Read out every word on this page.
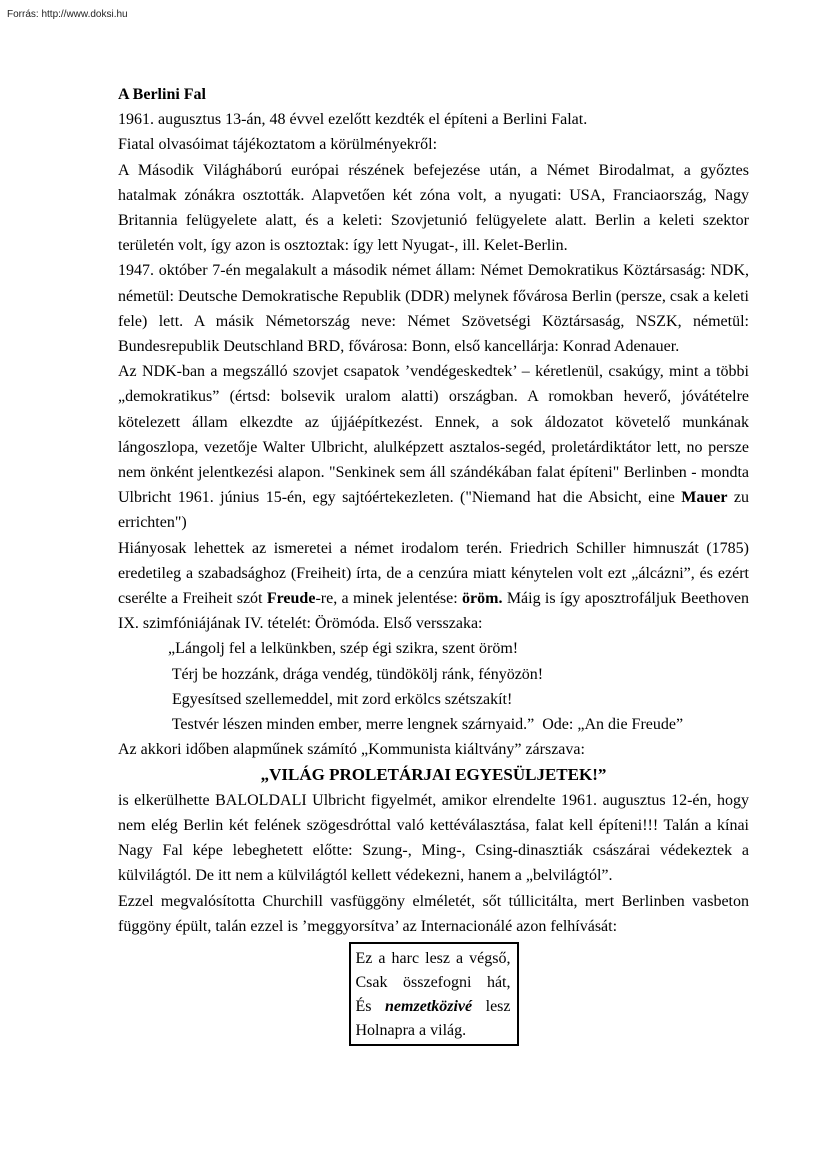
Forrás: http://www.doksi.hu

A Berlini Fal

1961. augusztus 13-án, 48 évvel ezelőtt kezdték el építeni a Berlini Falat.

Fiatal olvasóimat tájékoztatom a körülményekről:

A Második Világháború európai részének befejezése után, a Német Birodalmat, a győztes hatalmak zónákra osztották. Alapvetően két zóna volt, a nyugati: USA, Franciaország, Nagy Britannia felügyelete alatt, és a keleti: Szovjetunió felügyelete alatt. Berlin a keleti szektor területén volt, így azon is osztoztak: így lett Nyugat-, ill. Kelet-Berlin.

1947. október 7-én megalakult a második német állam: Német Demokratikus Köztársaság: NDK, németül: Deutsche Demokratische Republik (DDR) melynek fővárosa Berlin (persze, csak a keleti fele) lett. A másik Németország neve: Német Szövetségi Köztársaság, NSZK, németül: Bundesrepublik Deutschland BRD, fővárosa: Bonn, első kancellárja: Konrad Adenauer.

Az NDK-ban a megszálló szovjet csapatok ’vendégeskedtek’ – kéretlenül, csakúgy, mint a többi „demokratikus” (értsd: bolsevik uralom alatti) országban. A romokban heverő, jóvátételre kötelezett állam elkezdte az újjáépítkezést. Ennek, a sok áldozatot követelő munkának lángoszlopa, vezetője Walter Ulbricht, alulképzett asztalos-segéd, proletárdiktátor lett, no persze nem önként jelentkezési alapon. "Senkinek sem áll szándékában falat építeni" Berlinben - mondta Ulbricht 1961. június 15-én, egy sajtóértekezleten. ("Niemand hat die Absicht, eine Mauer zu errichten")

Hiányosak lehettek az ismeretei a német irodalom terén. Friedrich Schiller himnuszát (1785) eredetileg a szabadsághoz (Freiheit) írta, de a cenzúra miatt kénytelen volt ezt „álcázni”, és ezért cserélte a Freiheit szót Freude-re, a minek jelentése: öröm. Máig is így aposztrofáljuk Beethoven IX. szimfóniájának IV. tételét: Örömóda. Első versszaka:

„Lángolj fel a lelkünkben, szép égi szikra, szent öröm!

Térj be hozzánk, drága vendég, tündökölj ránk, fényözön!

Egyesítsed szellemeddel, mit zord erkölcs szétszakít!

Testvér lészen minden ember, merre lengnek szárnyaid.”  Ode: „An die Freude”

Az akkori időben alapműnek számító „Kommunista kiáltvány” zárszava:

„VILÁG PROLETÁRJAI EGYESÜLJETEK!”

is elkerülhette BALOLDALI Ulbricht figyelmét, amikor elrendelte 1961. augusztus 12-én, hogy nem elég Berlin két felének szögesdróttal való kettéválasztása, falat kell építeni!!! Talán a kínai Nagy Fal képe lebeghetett előtte: Szung-, Ming-, Csing-dinasztiák császárai védekeztek a külvilágtól. De itt nem a külvilágtól kellett védekezni, hanem a „belvilágtól”.

Ezzel megvalósította Churchill vasfüggöny elméletét, sőt túllicitálta, mert Berlinben vasbeton függöny épült, talán ezzel is ’meggyorsítva’ az Internacionálé azon felhívását:

Ez a harc lesz a végső,
Csak összefogni hát,
És nemzetközivé lesz
Holnapra a világ.
